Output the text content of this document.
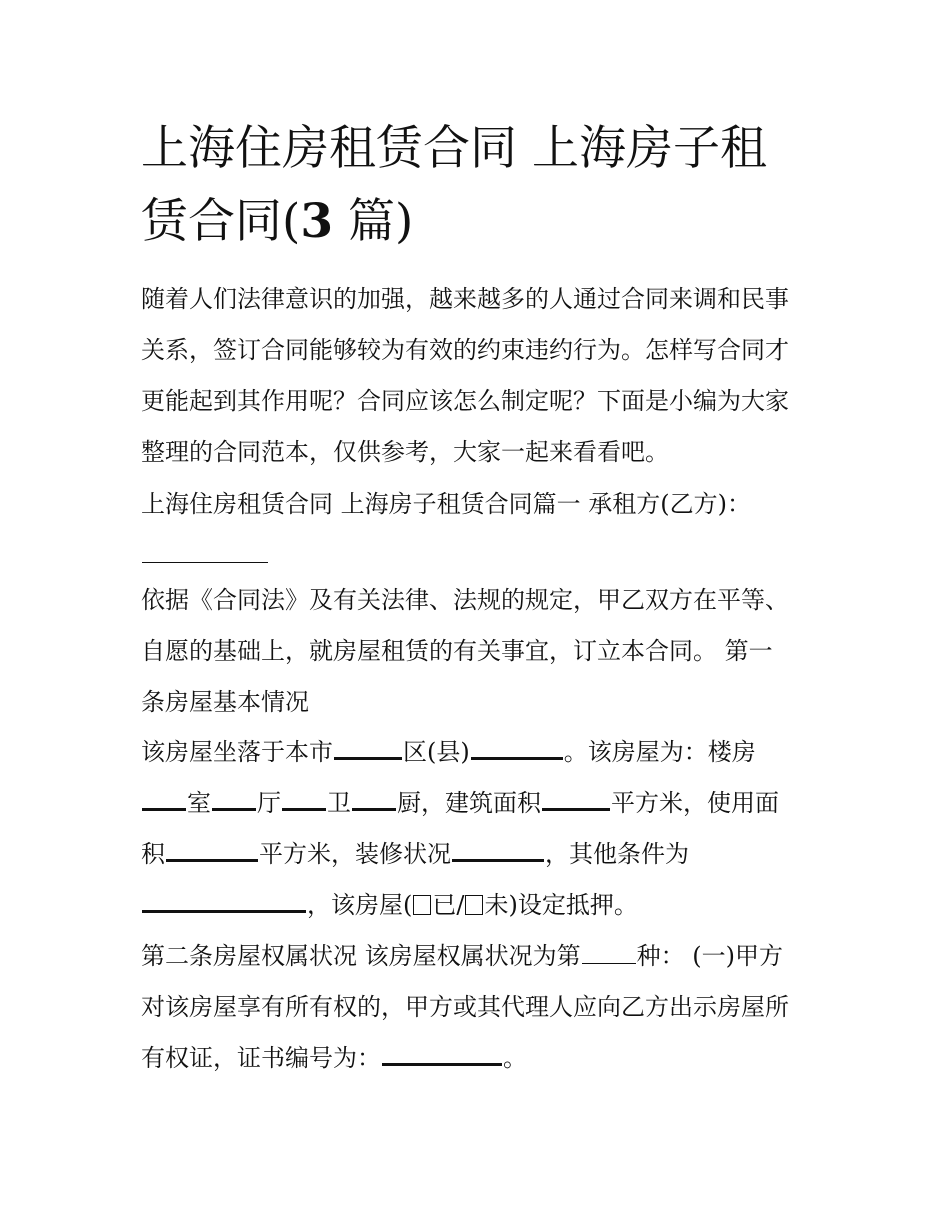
上海住房租赁合同 上海房子租
赁合同(3 篇)
随着人们法律意识的加强，越来越多的人通过合同来调和民事
关系，签订合同能够较为有效的约束违约行为。怎样写合同才
更能起到其作用呢？合同应该怎么制定呢？下面是小编为大家
整理的合同范本，仅供参考，大家一起来看看吧。
上海住房租赁合同 上海房子租赁合同篇一 承租方(乙方)：
依据《合同法》及有关法律、法规的规定，甲乙双方在平等、
自愿的基础上，就房屋租赁的有关事宜，订立本合同。 第一
条房屋基本情况
该房屋坐落于本市	区(县)	。该房屋为：楼房
室 厅 卫 厨，建筑面积	平方米，使用面
积	平方米，装修状况	，其他条件为
，该房屋( 已/ 未)设定抵押。
第二条房屋权属状况 该房屋权属状况为第 种： (一)甲方
对该房屋享有所有权的，甲方或其代理人应向乙方出示房屋所
有权证，证书编号为：	。
